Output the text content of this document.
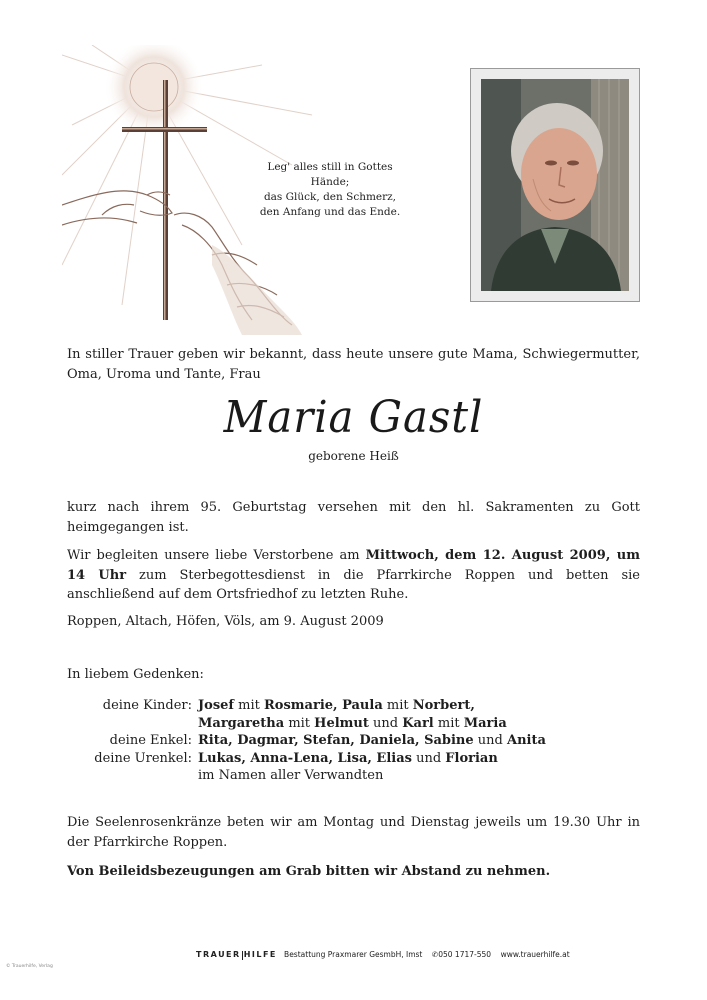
Leg' alles still in Gottes Hände;
das Glück, den Schmerz,
den Anfang und das Ende.
In stiller Trauer geben wir bekannt, dass heute unsere gute Mama, Schwiegermutter, Oma, Uroma und Tante, Frau
Maria Gastl
geborene Heiß
kurz nach ihrem 95. Geburtstag versehen mit den hl. Sakramenten zu Gott heimgegangen ist.
Wir begleiten unsere liebe Verstorbene am Mittwoch, dem 12. August 2009, um 14 Uhr zum Sterbegottesdienst in die Pfarrkirche Roppen und betten sie anschließend auf dem Ortsfriedhof zu letzten Ruhe.
Roppen, Altach, Höfen, Völs, am 9. August 2009
In liebem Gedenken:
deine Kinder:	Josef mit Rosmarie, Paula mit Norbert,
	Margaretha mit Helmut und Karl mit Maria
deine Enkel:	Rita, Dagmar, Stefan, Daniela, Sabine und Anita
deine Urenkel:	Lukas, Anna-Lena, Lisa, Elias und Florian
	im Namen aller Verwandten
Die Seelenrosenkränze beten wir am Montag und Dienstag jeweils um 19.30 Uhr in der Pfarrkirche Roppen.
Von Beileidsbezeugungen am Grab bitten wir Abstand zu nehmen.
TRAUER HILFE Bestattung Praxmarer GesmbH, Imst ✆050 1717-550 www.trauerhilfe.at
© Trauerhilfe, Verlag
